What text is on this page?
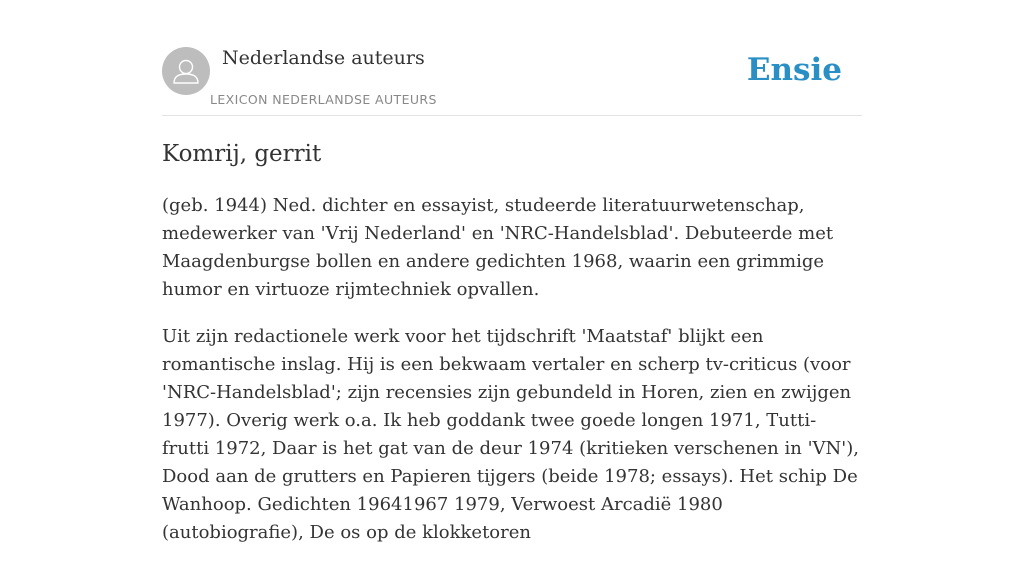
Nederlandse auteurs
LEXICON NEDERLANDSE AUTEURS
Ensie
Komrij, gerrit

(geb. 1944) Ned. dichter en essayist, studeerde literatuurwetenschap, medewerker van 'Vrij Nederland' en 'NRC-Handelsblad'. Debuteerde met Maagdenburgse bollen en andere gedichten 1968, waarin een grimmige humor en virtuoze rijmtechniek opvallen.

Uit zijn redactionele werk voor het tijdschrift 'Maatstaf' blijkt een romantische inslag. Hij is een bekwaam vertaler en scherp tv-criticus (voor 'NRC-Handelsblad'; zijn recensies zijn gebundeld in Horen, zien en zwijgen 1977). Overig werk o.a. Ik heb goddank twee goede longen 1971, Tutti-frutti 1972, Daar is het gat van de deur 1974 (kritieken verschenen in 'VN'), Dood aan de grutters en Papieren tijgers (beide 1978; essays). Het schip De Wanhoop. Gedichten 19641967 1979, Verwoest Arcadië 1980 (autobiografie), De os op de klokketoren
